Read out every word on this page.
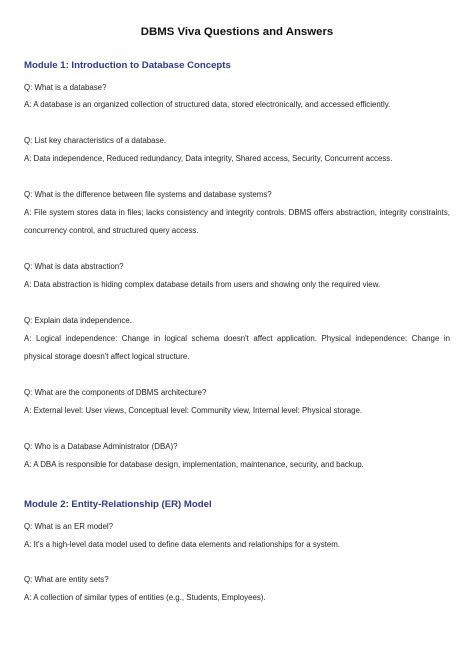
DBMS Viva Questions and Answers
Module 1: Introduction to Database Concepts

Q: What is a database?

A: A database is an organized collection of structured data, stored electronically, and accessed efficiently.

Q: List key characteristics of a database.

A: Data independence, Reduced redundancy, Data integrity, Shared access, Security, Concurrent access.

Q: What is the difference between file systems and database systems?

A: File system stores data in files; lacks consistency and integrity controls. DBMS offers abstraction, integrity constraints, concurrency control, and structured query access.

Q: What is data abstraction?

A: Data abstraction is hiding complex database details from users and showing only the required view.

Q: Explain data independence.

A: Logical independence: Change in logical schema doesn't affect application. Physical independence: Change in physical storage doesn't affect logical structure.

Q: What are the components of DBMS architecture?

A: External level: User views, Conceptual level: Community view, Internal level: Physical storage.

Q: Who is a Database Administrator (DBA)?

A: A DBA is responsible for database design, implementation, maintenance, security, and backup.

Module 2: Entity-Relationship (ER) Model

Q: What is an ER model?

A: It's a high-level data model used to define data elements and relationships for a system.

Q: What are entity sets?

A: A collection of similar types of entities (e.g., Students, Employees).
